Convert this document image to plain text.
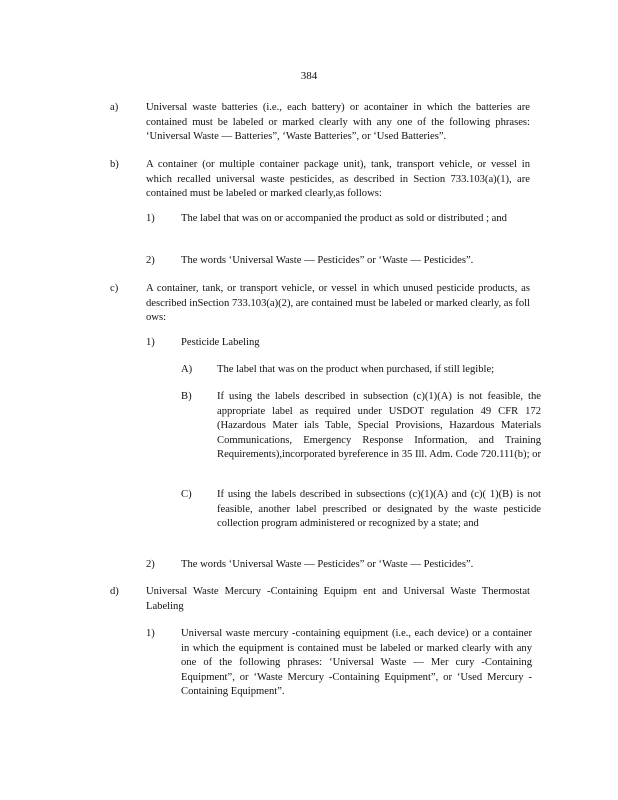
384
a)	Universal waste batteries (i.e., each battery) or acontainer in which the batteries are contained must be labeled or marked clearly with any one of the following phrases: ‘Universal Waste — Batteries”, ‘Waste Batteries”, or ‘Used Batteries”.
b)	A container (or multiple container package unit), tank, transport vehicle, or vessel in which recalled universal waste pesticides, as described in Section 733.103(a)(1), are contained must be labeled or marked clearly,as follows:
1) The label that was on or accompanied the product as sold or distributed ; and
2) The words ‘Universal Waste — Pesticides” or ‘Waste — Pesticides”.
c)	A container, tank, or transport vehicle, or vessel in which unused pesticide products, as described inSection 733.103(a)(2), are contained must be labeled or marked clearly, as foll ows:
1) Pesticide Labeling
A) The label that was on the product when purchased, if still legible;
B) If using the labels described in subsection (c)(1)(A) is not feasible, the appropriate label as required under USDOT regulation 49 CFR 172 (Hazardous Mater ials Table, Special Provisions, Hazardous Materials Communications, Emergency Response Information, and Training Requirements),incorporated byreference in 35 Ill. Adm. Code 720.111(b); or
C) If using the labels described in subsections (c)(1)(A) and (c)( 1)(B) is not feasible, another label prescribed or designated by the waste pesticide collection program administered or recognized by a state; and
2) The words ‘Universal Waste — Pesticides” or ‘Waste — Pesticides”.
d)	Universal Waste Mercury -Containing Equipm ent and Universal Waste Thermostat Labeling
1) Universal waste mercury -containing equipment (i.e., each device) or a container in which the equipment is contained must be labeled or marked clearly with any one of the following phrases: ‘Universal Waste — Mer cury -Containing Equipment”, or ‘Waste Mercury -Containing Equipment”, or ‘Used Mercury -Containing Equipment”.
